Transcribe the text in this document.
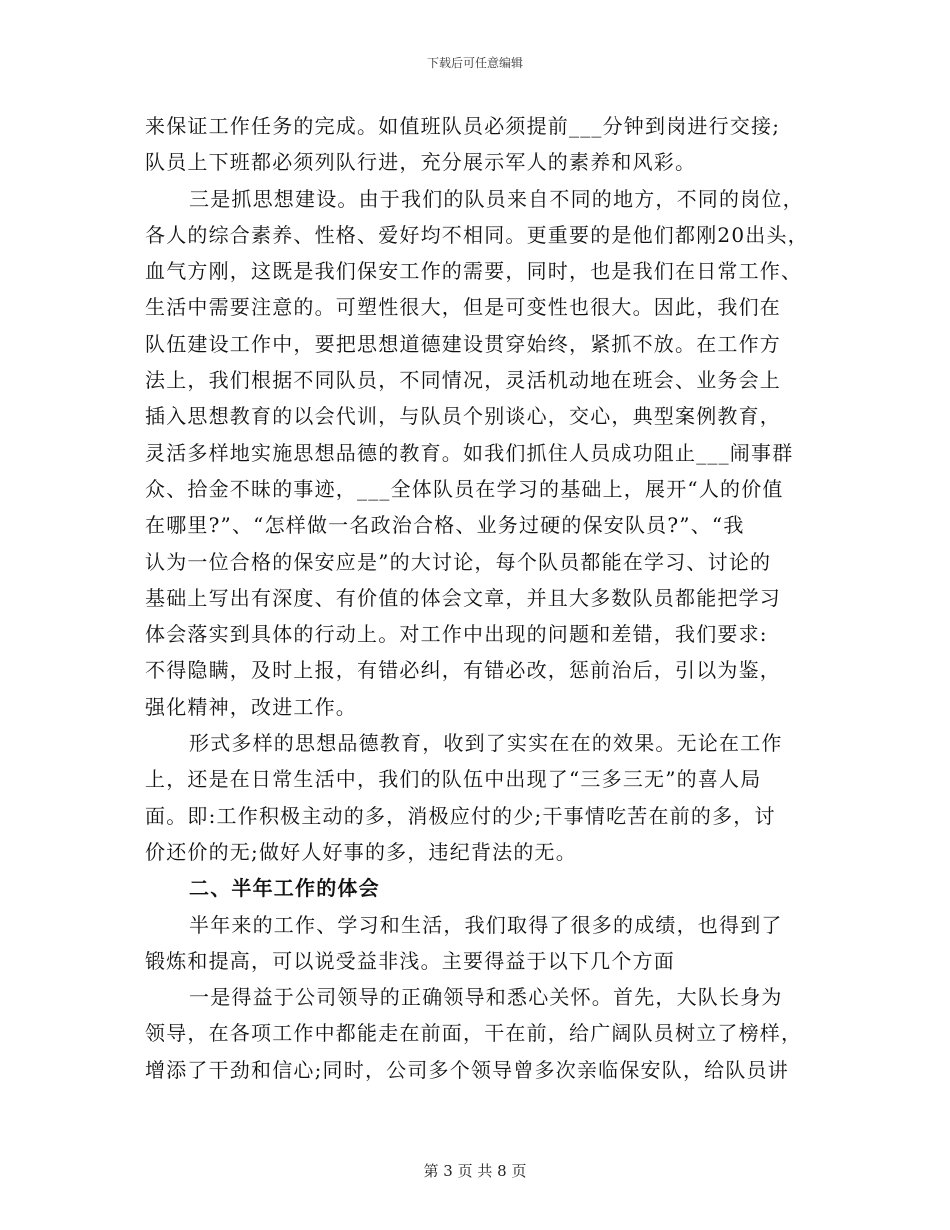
下载后可任意编辑
来保证工作任务的完成。如值班队员必须提前___分钟到岗进行交接;
队员上下班都必须列队行进，充分展示军人的素养和风彩。
三是抓思想建设。由于我们的队员来自不同的地方，不同的岗位，
各人的综合素养、性格、爱好均不相同。更重要的是他们都刚20出头，
血气方刚，这既是我们保安工作的需要，同时，也是我们在日常工作、
生活中需要注意的。可塑性很大，但是可变性也很大。因此，我们在
队伍建设工作中，要把思想道德建设贯穿始终，紧抓不放。在工作方
法上，我们根据不同队员，不同情况，灵活机动地在班会、业务会上
插入思想教育的以会代训，与队员个别谈心，交心，典型案例教育，
灵活多样地实施思想品德的教育。如我们抓住人员成功阻止___闹事群
众、拾金不昧的事迹，___全体队员在学习的基础上，展开“人的价值
在哪里?”、“怎样做一名政治合格、业务过硬的保安队员?”、“我
认为一位合格的保安应是”的大讨论，每个队员都能在学习、讨论的
基础上写出有深度、有价值的体会文章，并且大多数队员都能把学习
体会落实到具体的行动上。对工作中出现的问题和差错，我们要求:
不得隐瞒，及时上报，有错必纠，有错必改，惩前治后，引以为鉴，
强化精神，改进工作。
形式多样的思想品德教育，收到了实实在在的效果。无论在工作
上，还是在日常生活中，我们的队伍中出现了“三多三无”的喜人局
面。即:工作积极主动的多，消极应付的少;干事情吃苦在前的多，讨
价还价的无;做好人好事的多，违纪背法的无。
二、半年工作的体会
半年来的工作、学习和生活，我们取得了很多的成绩，也得到了
锻炼和提高，可以说受益非浅。主要得益于以下几个方面
一是得益于公司领导的正确领导和悉心关怀。首先，大队长身为
领导，在各项工作中都能走在前面，干在前，给广阔队员树立了榜样，
增添了干劲和信心;同时，公司多个领导曾多次亲临保安队，给队员讲
第 3 页 共 8 页
